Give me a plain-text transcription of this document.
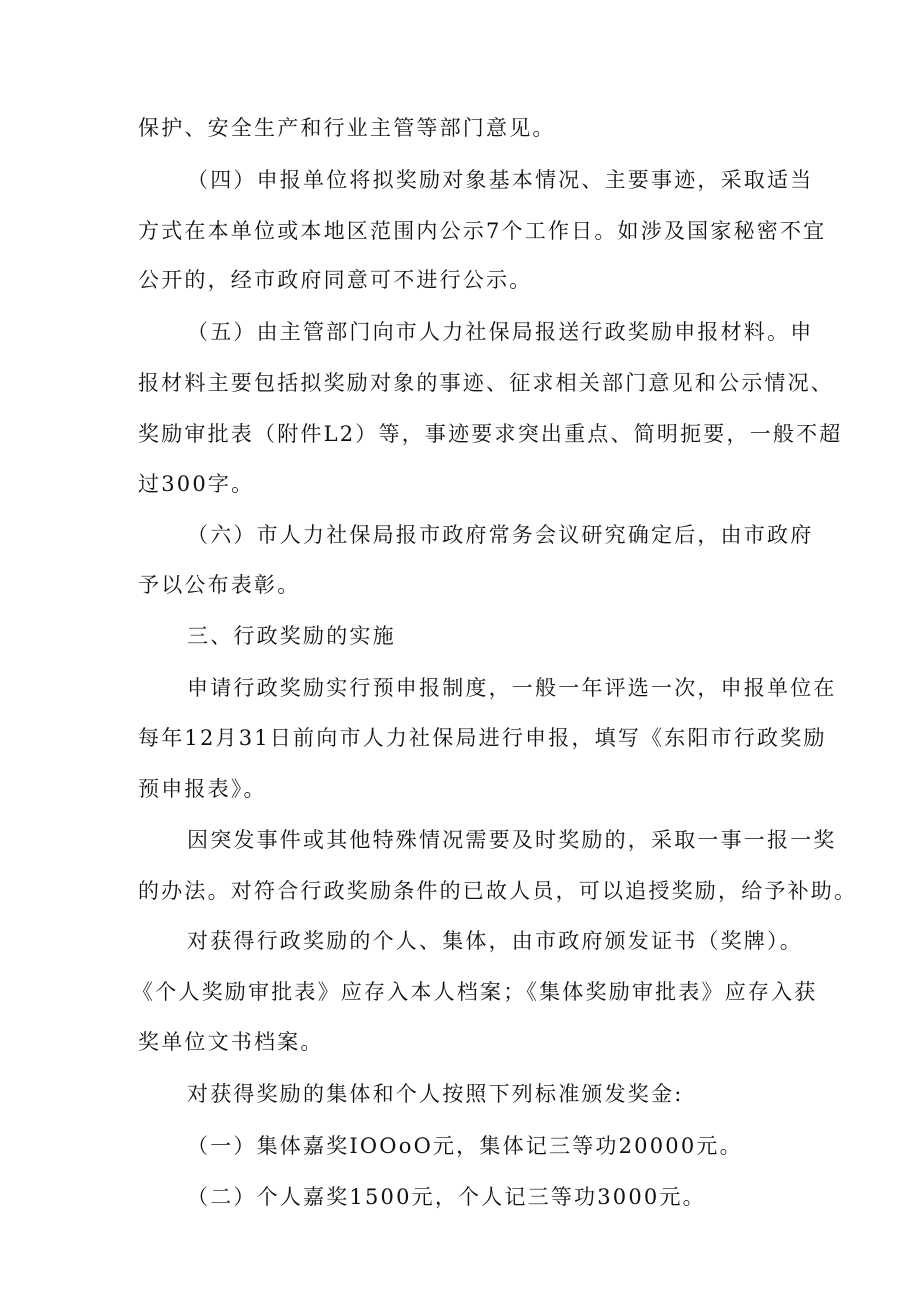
保护、安全生产和行业主管等部门意见。
（四）申报单位将拟奖励对象基本情况、主要事迹，采取适当
方式在本单位或本地区范围内公示7个工作日。如涉及国家秘密不宜
公开的，经市政府同意可不进行公示。
（五）由主管部门向市人力社保局报送行政奖励申报材料。申
报材料主要包括拟奖励对象的事迹、征求相关部门意见和公示情况、
奖励审批表（附件L2）等，事迹要求突出重点、简明扼要，一般不超
过300字。
（六）市人力社保局报市政府常务会议研究确定后，由市政府
予以公布表彰。
三、行政奖励的实施
申请行政奖励实行预申报制度，一般一年评选一次，申报单位在
每年12月31日前向市人力社保局进行申报，填写《东阳市行政奖励
预申报表》。
因突发事件或其他特殊情况需要及时奖励的，采取一事一报一奖
的办法。对符合行政奖励条件的已故人员，可以追授奖励，给予补助。
对获得行政奖励的个人、集体，由市政府颁发证书（奖牌）。
《个人奖励审批表》应存入本人档案；《集体奖励审批表》应存入获
奖单位文书档案。
对获得奖励的集体和个人按照下列标准颁发奖金:
（一）集体嘉奖IOOoO元，集体记三等功20000元。
（二）个人嘉奖1500元，个人记三等功3000元。
